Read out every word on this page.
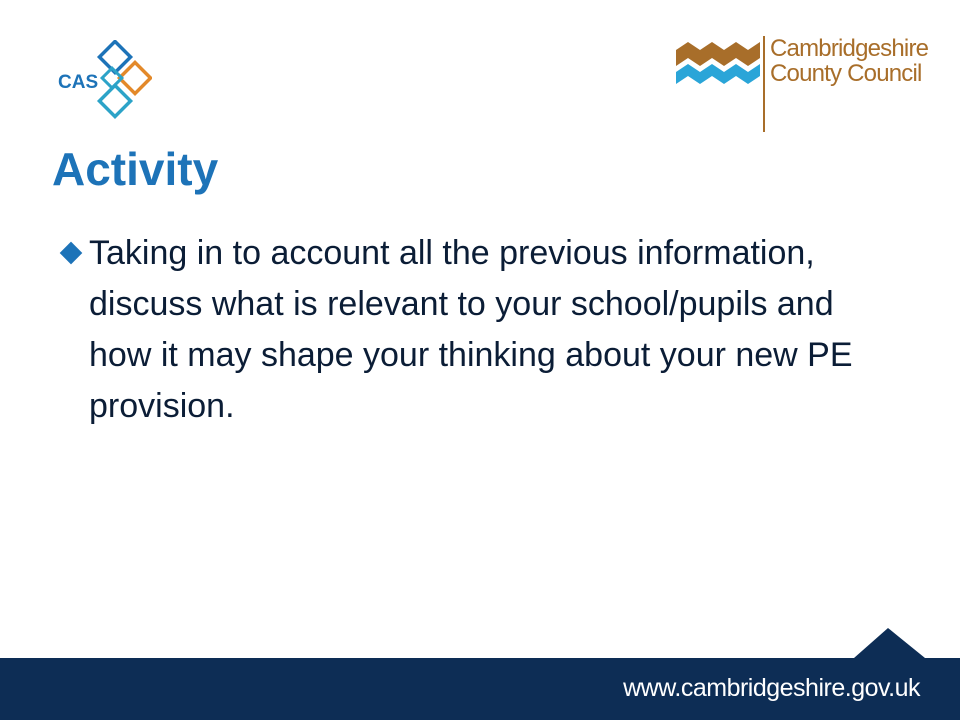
CAS
Cambridgeshire
County Council
Activity

Taking in to account all the previous information, discuss what is relevant to your school/pupils and how it may shape your thinking about your new PE provision.

www.cambridgeshire.gov.uk
